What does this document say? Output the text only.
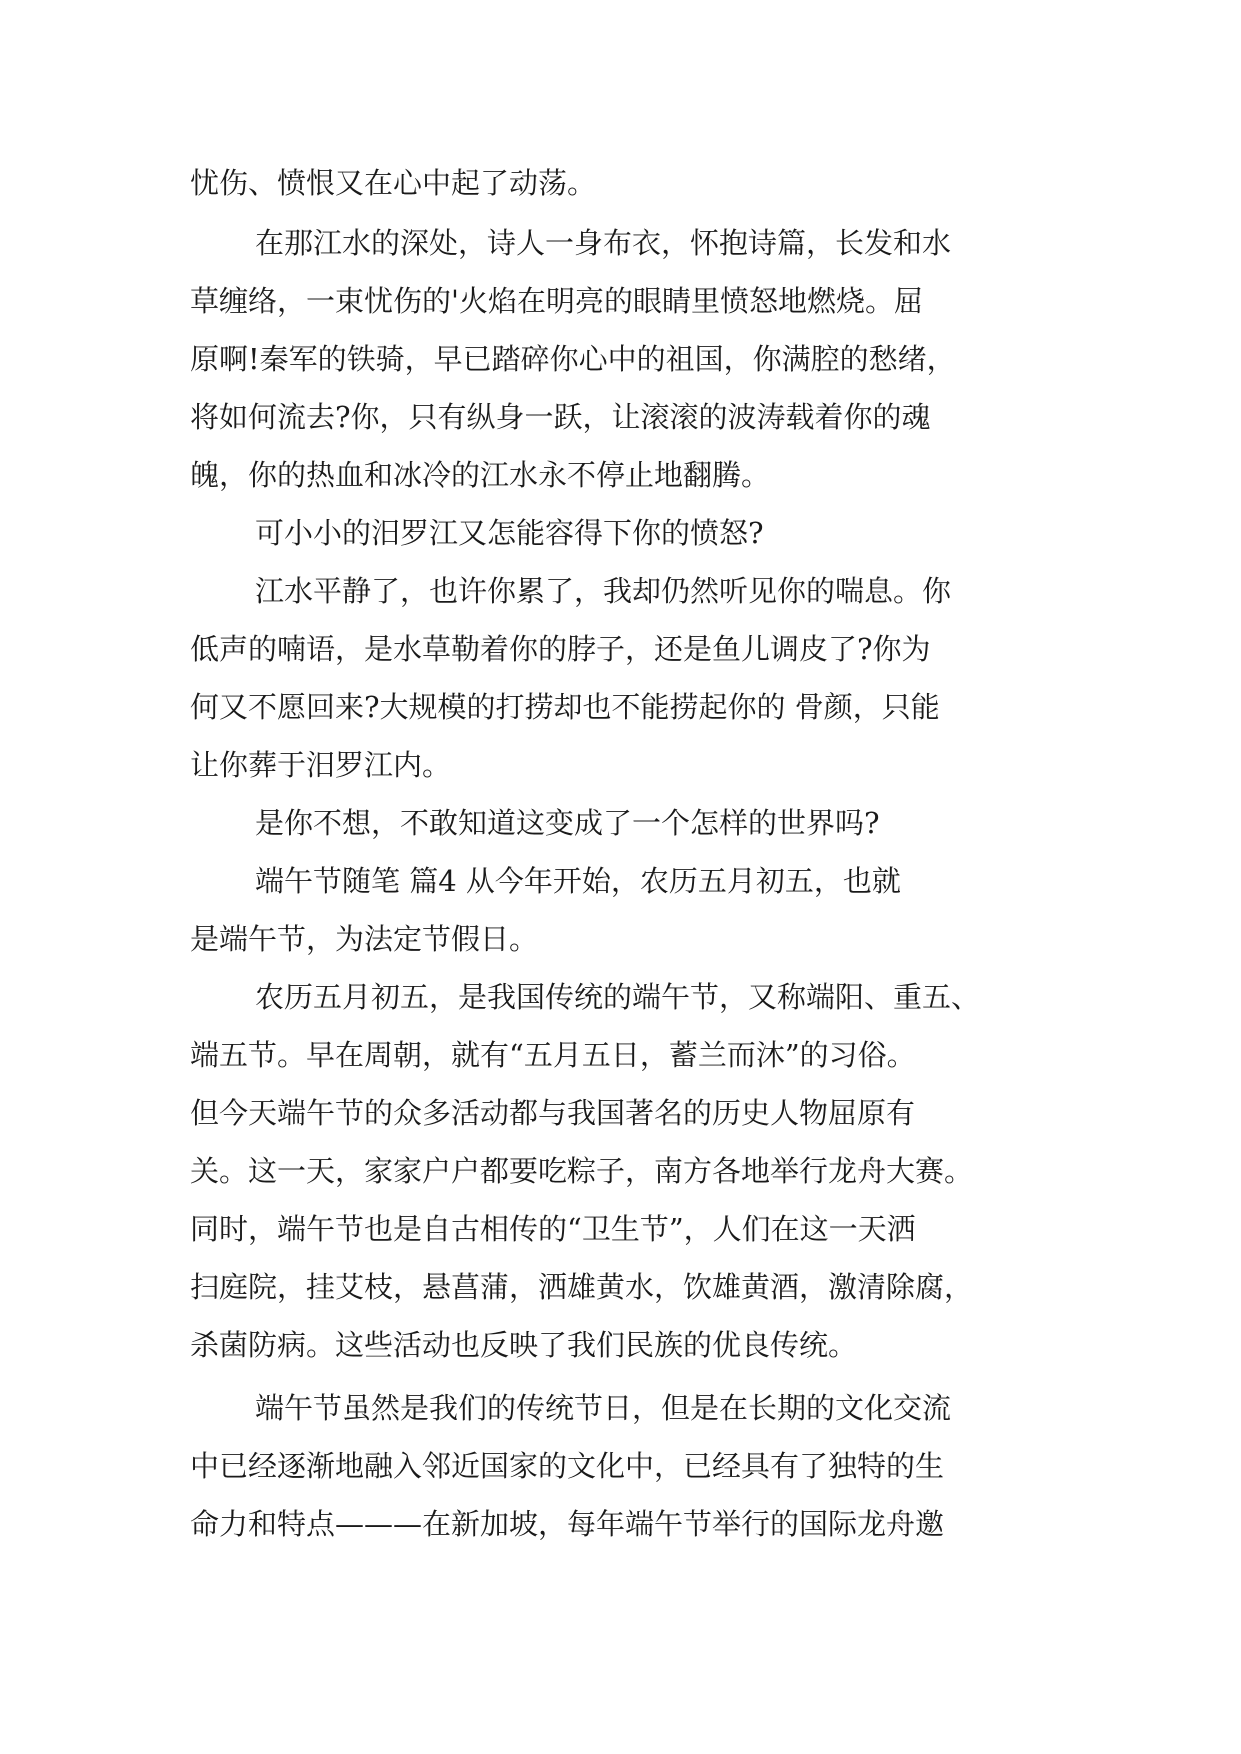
忧伤、愤恨又在心中起了动荡。
在那江水的深处，诗人一身布衣，怀抱诗篇，长发和水
草缠络，一束忧伤的'火焰在明亮的眼睛里愤怒地燃烧。屈
原啊!秦军的铁骑，早已踏碎你心中的祖国，你满腔的愁绪，
将如何流去?你，只有纵身一跃，让滚滚的波涛载着你的魂
魄，你的热血和冰冷的江水永不停止地翻腾。
可小小的汨罗江又怎能容得下你的愤怒?
江水平静了，也许你累了，我却仍然听见你的喘息。你
低声的喃语，是水草勒着你的脖子，还是鱼儿调皮了?你为
何又不愿回来?大规模的打捞却也不能捞起你的 骨颜，只能
让你葬于汨罗江内。
是你不想，不敢知道这变成了一个怎样的世界吗?
端午节随笔 篇4 从今年开始，农历五月初五，也就
是端午节，为法定节假日。
农历五月初五，是我国传统的端午节，又称端阳、重五、
端五节。早在周朝，就有“五月五日，蓄兰而沐”的习俗。
但今天端午节的众多活动都与我国著名的历史人物屈原有
关。这一天，家家户户都要吃粽子，南方各地举行龙舟大赛。
同时，端午节也是自古相传的“卫生节”，人们在这一天洒
扫庭院，挂艾枝，悬菖蒲，洒雄黄水，饮雄黄酒，激清除腐，
杀菌防病。这些活动也反映了我们民族的优良传统。
端午节虽然是我们的传统节日，但是在长期的文化交流
中已经逐渐地融入邻近国家的文化中，已经具有了独特的生
命力和特点———在新加坡，每年端午节举行的国际龙舟邀
